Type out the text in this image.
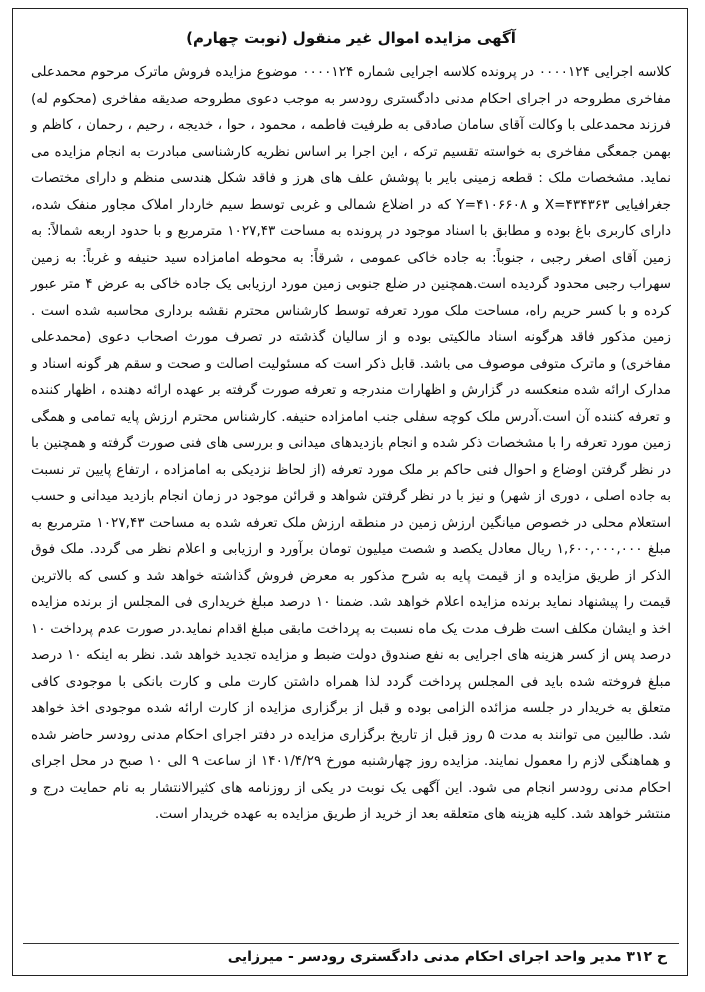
آگهی مزایده اموال غیر منقول (نوبت چهارم)
کلاسه اجرایی ۰۰۰۰۱۲۴ در پرونده کلاسه اجرایی شماره ۰۰۰۰۱۲۴ موضوع مزایده فروش ماترک مرحوم محمدعلی مفاخری مطروحه در اجرای احکام مدنی دادگستری رودسر به موجب دعوی مطروحه صدیقه مفاخری (محکوم له) فرزند محمدعلی با وکالت آقای سامان صادقی به طرفیت فاطمه ، محمود ، حوا ، خدیجه ، رحیم ، رحمان ، کاظم و بهمن جمعگی مفاخری به خواسته تقسیم ترکه ، این اجرا بر اساس نظریه کارشناسی مبادرت به انجام مزایده می نماید. مشخصات ملک : قطعه زمینی بایر با پوشش علف های هرز و فاقد شکل هندسی منظم و دارای مختصات جغرافیایی X=۴۳۴۳۶۳ و Y=۴۱۰۶۶۰۸ که در اضلاع شمالی و غربی توسط سیم خاردار املاک مجاور منفک شده، دارای کاربری باغ بوده و مطابق با اسناد موجود در پرونده به مساحت ۱۰۲۷,۴۳ مترمربع و با حدود اربعه شمالاً: به زمین آقای اصغر رجبی ، جنوباً: به جاده خاکی عمومی ، شرقاً: به محوطه امامزاده سید حنیفه و غرباً: به زمین سهراب رجبی محدود گردیده است.همچنین در ضلع جنوبی زمین مورد ارزیابی یک جاده خاکی به عرض ۴ متر عبور کرده و با کسر حریم راه، مساحت ملک مورد تعرفه توسط کارشناس محترم نقشه برداری محاسبه شده است . زمین مذکور فاقد هرگونه اسناد مالکیتی بوده و از سالیان گذشته در تصرف مورث اصحاب دعوی (محمدعلی مفاخری) و ماترک متوفی موصوف می باشد. قابل ذکر است که مسئولیت اصالت و صحت و سقم هر گونه اسناد و مدارک ارائه شده منعکسه در گزارش و اظهارات مندرجه و تعرفه صورت گرفته بر عهده ارائه دهنده ، اظهار کننده و تعرفه کننده آن است.آدرس ملک کوچه سفلی جنب امامزاده حنیفه. کارشناس محترم ارزش پایه تمامی و همگی زمین مورد تعرفه را با مشخصات ذکر شده و انجام بازدیدهای میدانی و بررسی های فنی صورت گرفته و همچنین با در نظر گرفتن اوضاع و احوال فنی حاکم بر ملک مورد تعرفه (از لحاظ نزدیکی به امامزاده ، ارتفاع پایین تر نسبت به جاده اصلی ، دوری از شهر) و نیز با در نظر گرفتن شواهد و قرائن موجود در زمان انجام بازدید میدانی و حسب استعلام محلی در خصوص میانگین ارزش زمین در منطقه ارزش ملک تعرفه شده به مساحت ۱۰۲۷,۴۳ مترمربع به مبلغ ۱,۶۰۰,۰۰۰,۰۰۰ ریال معادل یکصد و شصت میلیون تومان برآورد و ارزیابی و اعلام نظر می گردد. ملک فوق الذکر از طریق مزایده و از قیمت پایه به شرح مذکور به معرض فروش گذاشته خواهد شد و کسی که بالاترین قیمت را پیشنهاد نماید برنده مزایده اعلام خواهد شد. ضمنا ۱۰ درصد مبلغ خریداری فی المجلس از برنده مزایده اخذ و ایشان مکلف است ظرف مدت یک ماه نسبت به پرداخت مابقی مبلغ اقدام نماید.در صورت عدم پرداخت ۱۰ درصد پس از کسر هزینه های اجرایی به نفع صندوق دولت ضبط و مزایده تجدید خواهد شد. نظر به اینکه ۱۰ درصد مبلغ فروخته شده باید فی المجلس پرداخت گردد لذا همراه داشتن کارت ملی و کارت بانکی با موجودی کافی متعلق به خریدار در جلسه مزائده الزامی بوده و قبل از برگزاری مزایده از کارت ارائه شده موجودی اخذ خواهد شد. طالبین می توانند به مدت ۵ روز قبل از تاریخ برگزاری مزایده در دفتر اجرای احکام مدنی رودسر حاضر شده و هماهنگی لازم را معمول نمایند. مزایده روز چهارشنبه مورخ ۱۴۰۱/۴/۲۹ از ساعت ۹ الی ۱۰ صبح در محل اجرای احکام مدنی رودسر انجام می شود. این آگهی یک نوبت در یکی از روزنامه های کثیرالانتشار به نام حمایت درج و منتشر خواهد شد. کلیه هزینه های متعلقه بعد از خرید از طریق مزایده به عهده خریدار است.
ح ۳۱۲ مدیر واحد اجرای احکام مدنی دادگستری رودسر - میرزایی
